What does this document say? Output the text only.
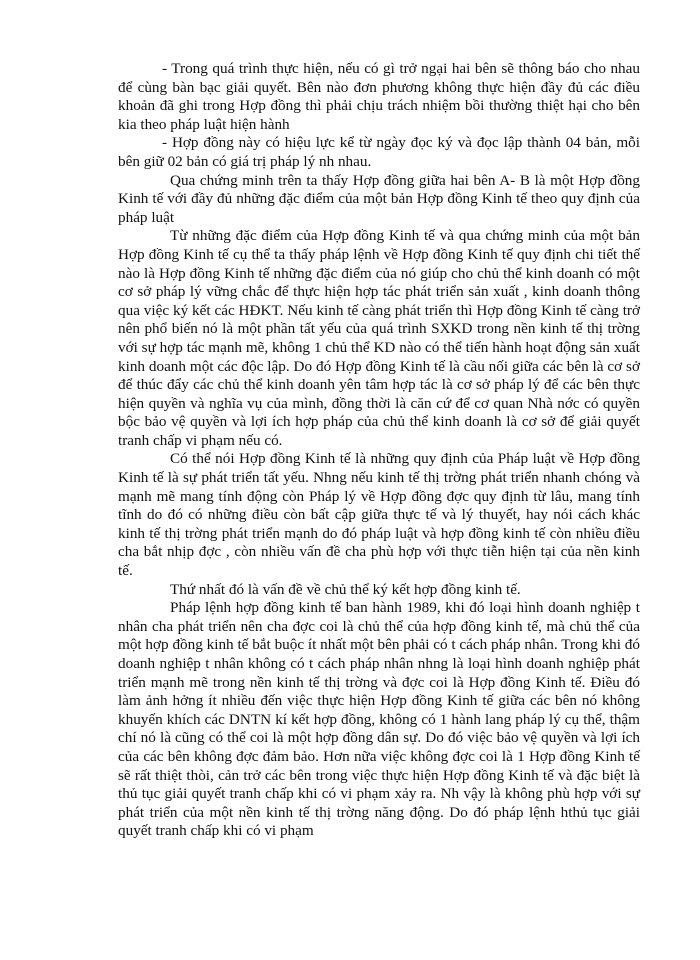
- Trong quá trình thực hiện, nếu có gì trở ngại hai bên sẽ thông báo cho nhau để cùng bàn bạc giải quyết. Bên nào đơn phương không thực hiện đầy đủ các điều khoản đã ghi trong Hợp đồng thì phải chịu trách nhiệm bồi thường thiệt hại cho bên kia theo pháp luật hiện hành

- Hợp đồng này có hiệu lực kể từ ngày đọc ký và đọc lập thành 04 bản, mỗi bên giữ 02 bản có giá trị pháp lý nh nhau.

Qua chứng minh trên ta thấy Hợp đồng giữa hai bên A- B là một Hợp đồng Kinh tế với đầy đủ những đặc điểm của một bản Hợp đồng Kinh tế theo quy định của pháp luật

Từ những đặc điểm của Hợp đồng Kinh tế và qua chứng minh của một bản Hợp đồng Kinh tế cụ thể ta thấy pháp lệnh về Hợp đồng Kinh tế quy định chi tiết thế nào là Hợp đồng Kinh tế những đặc điểm của nó giúp cho chủ thể kinh doanh có một cơ sở pháp lý vững chắc để thực hiện hợp tác phát triển sản xuất , kinh doanh thông qua việc ký kết các HĐKT. Nếu kinh tế càng phát triển thì Hợp đồng Kinh tế càng trở nên phổ biến nó là một phần tất yếu của quá trình SXKD trong nền kinh tế thị trờng với sự hợp tác mạnh mẽ, không 1 chủ thể KD nào có thể tiến hành hoạt động sản xuất kinh doanh một các độc lập. Do đó Hợp đồng Kinh tế là cầu nối giữa các bên là cơ sở để thúc đẩy các chủ thể kinh doanh yên tâm hợp tác là cơ sở pháp lý để các bên thực hiện quyền và nghĩa vụ của mình, đồng thời là căn cứ để cơ quan Nhà nớc có quyền bộc bảo vệ quyền và lợi ích hợp pháp của chủ thể kinh doanh là cơ sở để giải quyết tranh chấp vi phạm nếu có.

Có thể nói Hợp đồng Kinh tế là những quy định của Pháp luật về Hợp đồng Kinh tế là sự phát triển tất yếu. Nhng nếu kinh tế thị trờng phát triển nhanh chóng và mạnh mẽ mang tính động còn Pháp lý về Hợp đồng đợc quy định từ lâu, mang tính tĩnh do đó có những điều còn bất cập giữa thực tế và lý thuyết, hay nói cách khác kinh tế thị trờng phát triển mạnh do đó pháp luật và hợp đồng kinh tế còn nhiều điều cha bắt nhịp đợc , còn nhiều vấn đề cha phù hợp với thực tiễn hiện tại của nền kinh tế.

Thứ nhất đó là vấn đề về chủ thể ký kết hợp đồng kinh tế.

Pháp lệnh hợp đồng kinh tế ban hành 1989, khi đó loại hình doanh nghiệp t nhân cha phát triển nên cha đợc coi là chủ thể của hợp đồng kinh tế, mà chủ thể của một hợp đồng kinh tế bắt buộc ít nhất một bên phải có t cách pháp nhân. Trong khi đó doanh nghiệp t nhân không có t cách pháp nhân nhng là loại hình doanh nghiệp phát triển mạnh mẽ trong nền kinh tế thị trờng và đợc coi là Hợp đồng Kinh tế. Điều đó làm ảnh hởng ít nhiều đến việc thực hiện Hợp đồng Kinh tế giữa các bên nó không khuyến khích các DNTN kí kết hợp đồng, không có 1 hành lang pháp lý cụ thể, thậm chí nó là cũng có thể coi là một hợp đồng dân sự. Do đó việc bảo vệ quyền và lợi ích của các bên không đợc đảm bảo. Hơn nữa việc không đợc coi là 1 Hợp đồng Kinh tế sẽ rất thiệt thòi, cản trở các bên trong việc thực hiện Hợp đồng Kinh tế và đặc biệt là thủ tục giải quyết tranh chấp khi có vi phạm xảy ra. Nh vậy là không phù hợp với sự phát triển của một nền kinh tế thị trờng năng động. Do đó pháp lệnh hthủ tục giải quyết tranh chấp khi có vi phạm
